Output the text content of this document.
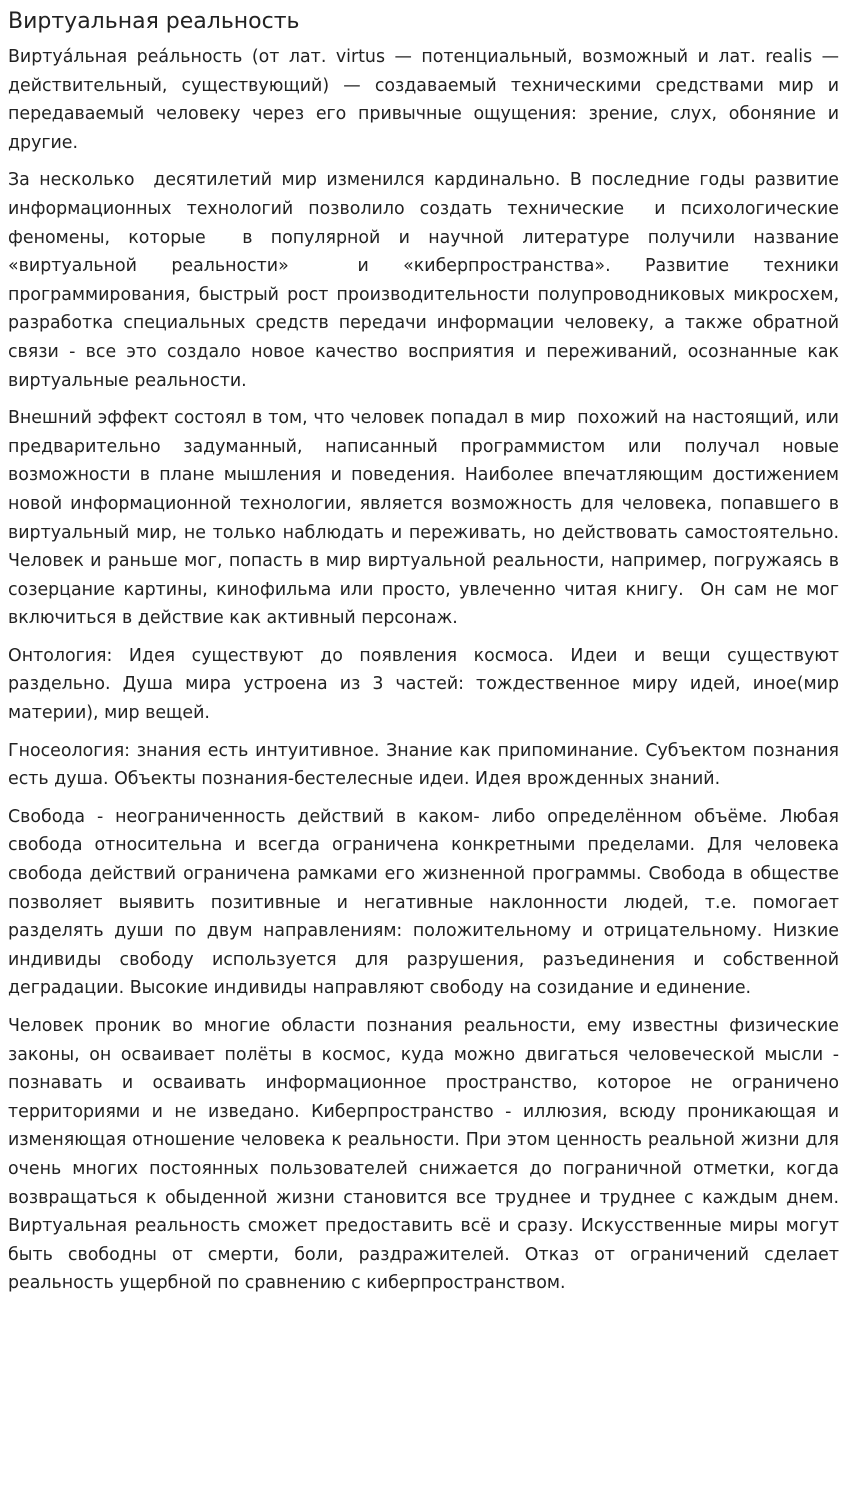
Виртуальная реальность

Виртуáльная реáльность (от лат. virtus — потенциальный, возможный и лат. realis — действительный, существующий) — создаваемый техническими средствами мир и передаваемый человеку через его привычные ощущения: зрение, слух, обоняние и другие.

За несколько  десятилетий мир изменился кардинально. В последние годы развитие информационных технологий позволило создать технические  и психологические феномены, которые  в популярной и научной литературе получили название «виртуальной реальности»  и «киберпространства». Развитие техники программирования, быстрый рост производительности полупроводниковых микросхем, разработка специальных средств передачи информации человеку, а также обратной связи - все это создало новое качество восприятия и переживаний, осознанные как виртуальные реальности.

Внешний эффект состоял в том, что человек попадал в мир  похожий на настоящий, или предварительно задуманный, написанный программистом или получал новые возможности в плане мышления и поведения. Наиболее впечатляющим достижением новой информационной технологии, является возможность для человека, попавшего в виртуальный мир, не только наблюдать и переживать, но действовать самостоятельно. Человек и раньше мог, попасть в мир виртуальной реальности, например, погружаясь в созерцание картины, кинофильма или просто, увлеченно читая книгу.  Он сам не мог включиться в действие как активный персонаж.

Онтология: Идея существуют до появления космоса. Идеи и вещи существуют раздельно. Душа мира устроена из 3 частей: тождественное миру идей, иное(мир материи), мир вещей.

Гносеология: знания есть интуитивное. Знание как припоминание. Субъектом познания есть душа. Объекты познания-бестелесные идеи. Идея врожденных знаний.

Свобода - неограниченность действий в каком- либо определённом объёме. Любая свобода относительна и всегда ограничена конкретными пределами. Для человека свобода действий ограничена рамками его жизненной программы. Свобода в обществе позволяет выявить позитивные и негативные наклонности людей, т.е. помогает разделять души по двум направлениям: положительному и отрицательному. Низкие индивиды свободу используется для разрушения, разъединения и собственной деградации. Высокие индивиды направляют свободу на созидание и единение.

Человек проник во многие области познания реальности, ему известны физические законы, он осваивает полёты в космос, куда можно двигаться человеческой мысли - познавать и осваивать информационное пространство, которое не ограничено территориями и не изведано. Киберпространство - иллюзия, всюду проникающая и изменяющая отношение человека к реальности. При этом ценность реальной жизни для очень многих постоянных пользователей снижается до пограничной отметки, когда возвращаться к обыденной жизни становится все труднее и труднее с каждым днем. Виртуальная реальность сможет предоставить всё и сразу. Искусственные миры могут быть свободны от смерти, боли, раздражителей. Отказ от ограничений сделает реальность ущербной по сравнению с киберпространством.
